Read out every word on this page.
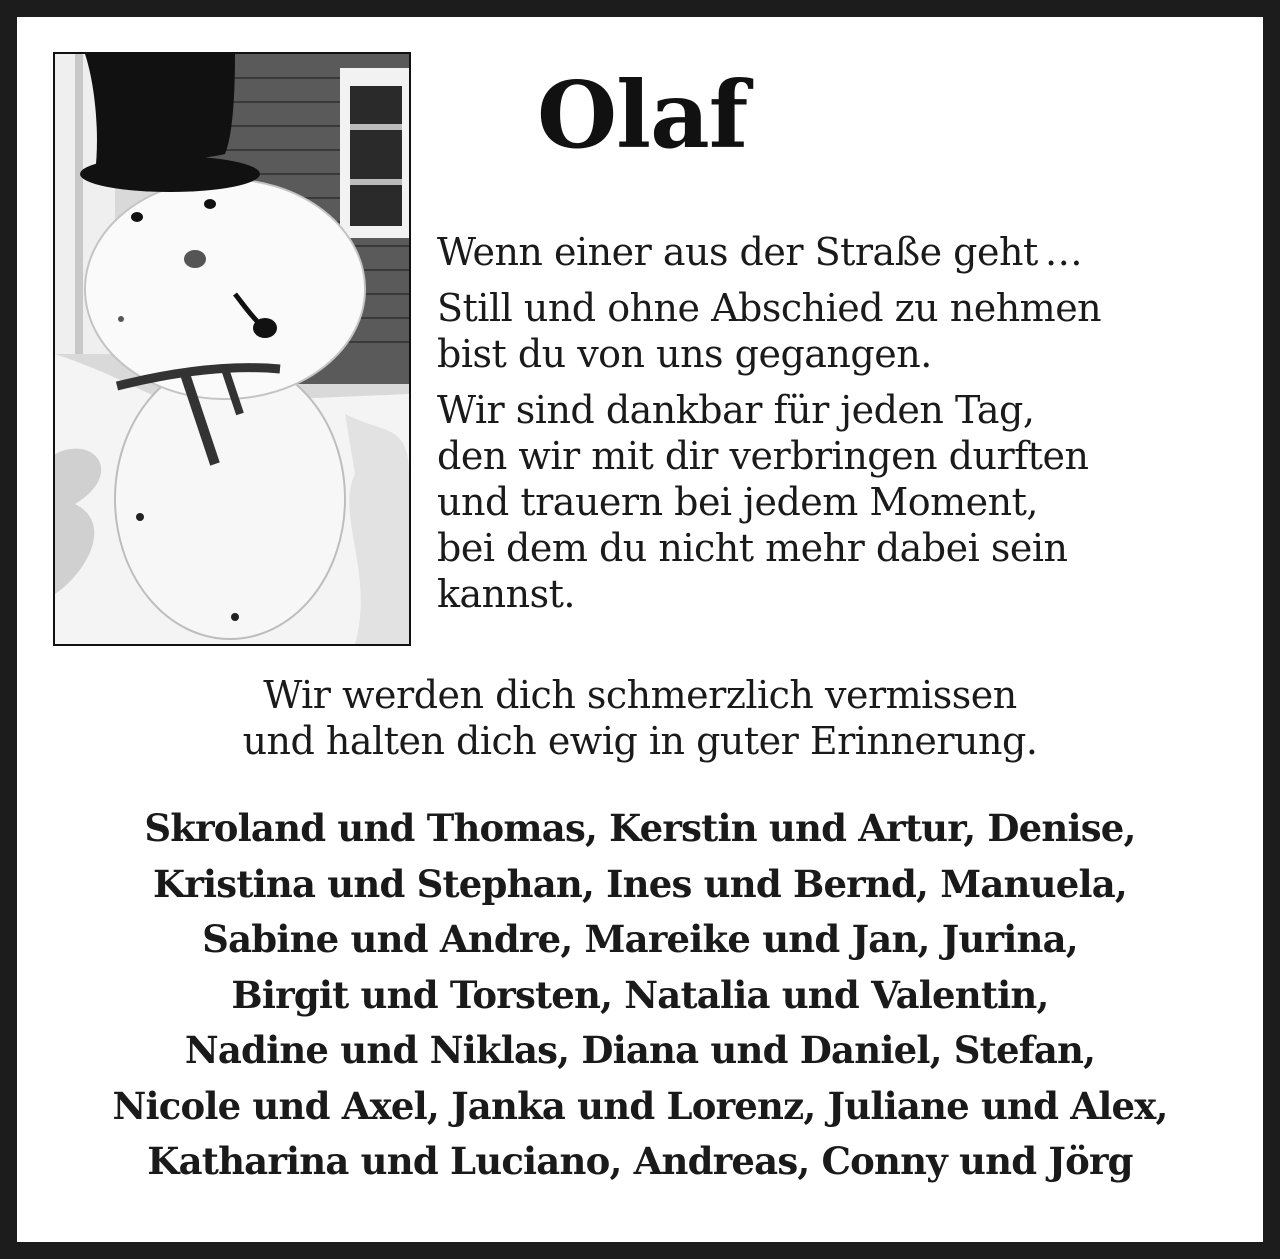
Olaf

Wenn einer aus der Straße geht …

Still und ohne Abschied zu nehmen
bist du von uns gegangen.

Wir sind dankbar für jeden Tag,
den wir mit dir verbringen durften
und trauern bei jedem Moment,
bei dem du nicht mehr dabei sein
kannst.

Wir werden dich schmerzlich vermissen
und halten dich ewig in guter Erinnerung.
Skroland und Thomas, Kerstin und Artur, Denise,
Kristina und Stephan, Ines und Bernd, Manuela,
Sabine und Andre, Mareike und Jan, Jurina,
Birgit und Torsten, Natalia und Valentin,
Nadine und Niklas, Diana und Daniel, Stefan,
Nicole und Axel, Janka und Lorenz, Juliane und Alex,
Katharina und Luciano, Andreas, Conny und Jörg
